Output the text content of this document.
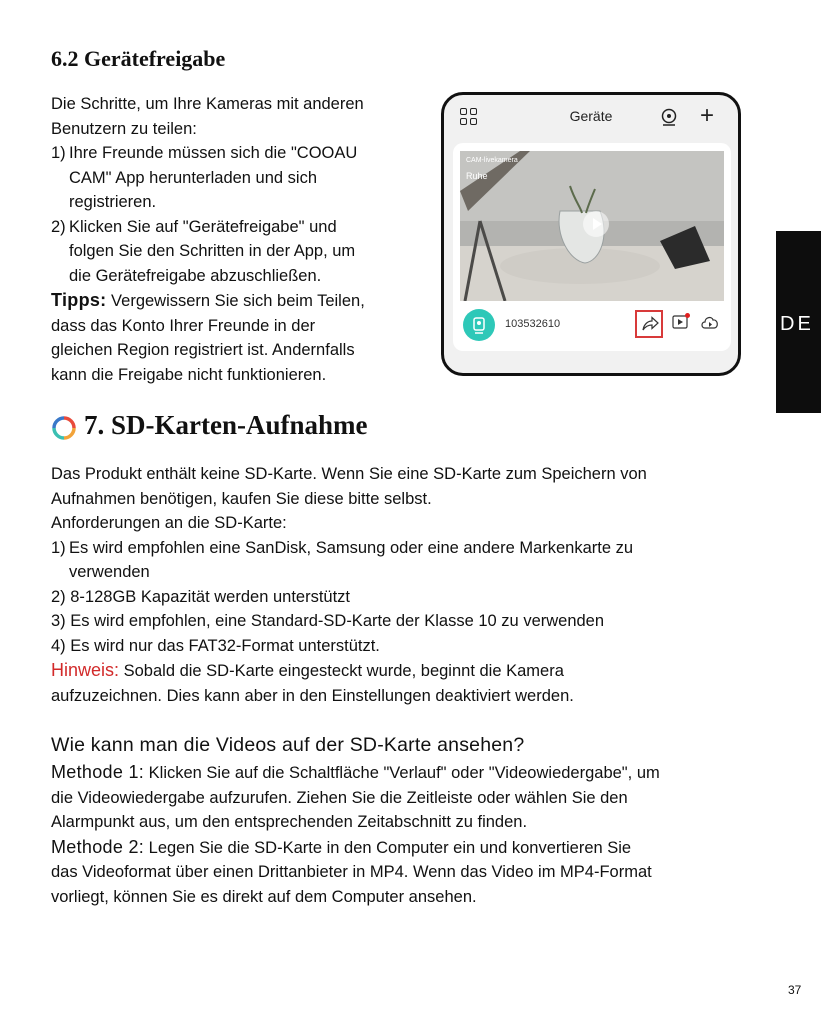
6.2 Gerätefreigabe

Die Schritte, um Ihre Kameras mit anderen

Benutzern zu teilen:

1) Ihre Freunde müssen sich die "COOAU

CAM" App herunterladen und sich

registrieren.

2) Klicken Sie auf "Gerätefreigabe" und

folgen Sie den Schritten in der App, um

die Gerätefreigabe abzuschließen.

Tipps: Vergewissern Sie sich beim Teilen,

dass das Konto Ihrer Freunde in der

gleichen Region registriert ist. Andernfalls

kann die Freigabe nicht funktionieren.

Geräte	+
CAM-livekamera
Ruhe
103532610	DE
7. SD-Karten-Aufnahme

Das Produkt enthält keine SD-Karte. Wenn Sie eine SD-Karte zum Speichern von

Aufnahmen benötigen, kaufen Sie diese bitte selbst.

Anforderungen an die SD-Karte:

1) Es wird empfohlen eine SanDisk, Samsung oder eine andere Markenkarte zu

verwenden

2) 8-128GB Kapazität werden unterstützt

3) Es wird empfohlen, eine Standard-SD-Karte der Klasse 10 zu verwenden

4) Es wird nur das FAT32-Format unterstützt.

Hinweis: Sobald die SD-Karte eingesteckt wurde, beginnt die Kamera

aufzuzeichnen. Dies kann aber in den Einstellungen deaktiviert werden.

Wie kann man die Videos auf der SD-Karte ansehen?

Methode 1: Klicken Sie auf die Schaltfläche "Verlauf" oder "Videowiedergabe", um

die Videowiedergabe aufzurufen. Ziehen Sie die Zeitleiste oder wählen Sie den

Alarmpunkt aus, um den entsprechenden Zeitabschnitt zu finden.

Methode 2: Legen Sie die SD-Karte in den Computer ein und konvertieren Sie

das Videoformat über einen Drittanbieter in MP4. Wenn das Video im MP4-Format

vorliegt, können Sie es direkt auf dem Computer ansehen.

37
